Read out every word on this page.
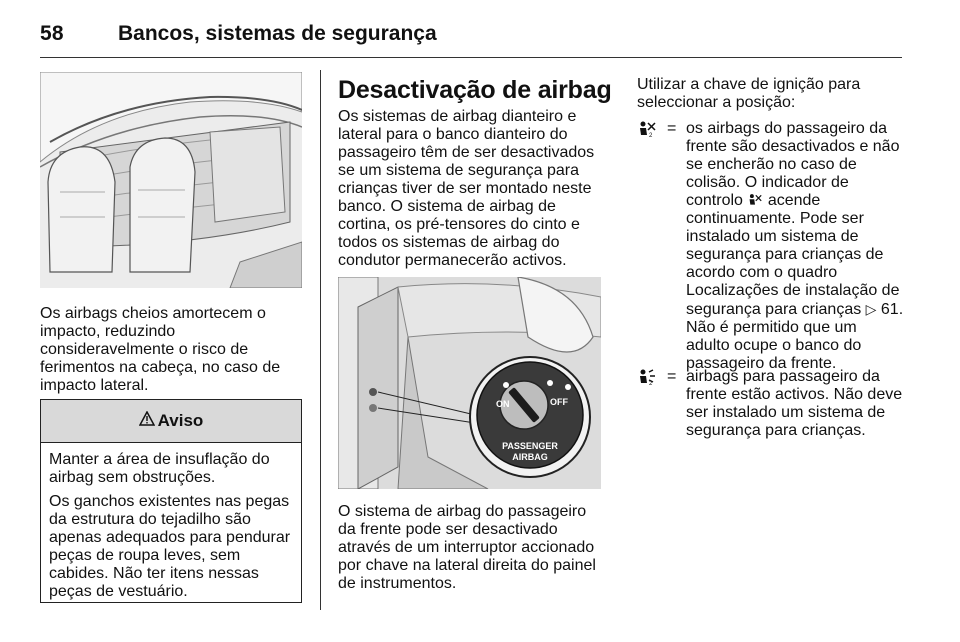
58	Bancos, sistemas de segurança

Os airbags cheios amortecem o impacto, reduzindo consideravelmente o risco de ferimentos na cabeça, no caso de impacto lateral.

Aviso

Manter a área de insuflação do airbag sem obstruções.

Os ganchos existentes nas pegas da estrutura do tejadilho são apenas adequados para pendurar peças de roupa leves, sem cabides. Não ter itens nessas peças de vestuário.

Desactivação de airbag

Os sistemas de airbag dianteiro e lateral para o banco dianteiro do passageiro têm de ser desactivados se um sistema de segurança para crianças tiver de ser montado neste banco. O sistema de airbag de cortina, os pré-tensores do cinto e todos os sistemas de airbag do condutor permanecerão activos.

ON	OFF
PASSENGER
AIRBAG

O sistema de airbag do passageiro da frente pode ser desactivado através de um interruptor accionado por chave na lateral direita do painel de instrumentos.

Utilizar a chave de ignição para seleccionar a posição:

2 = os airbags do passageiro da frente são desactivados e não se encherão no caso de colisão. O indicador de controlo acende continuamente. Pode ser instalado um sistema de segurança para crianças de acordo com o quadro Localizações de instalação de segurança para crianças ▷ 61. Não é permitido que um adulto ocupe o banco do passageiro da frente.

2 = airbags para passageiro da frente estão activos. Não deve ser instalado um sistema de segurança para crianças.
